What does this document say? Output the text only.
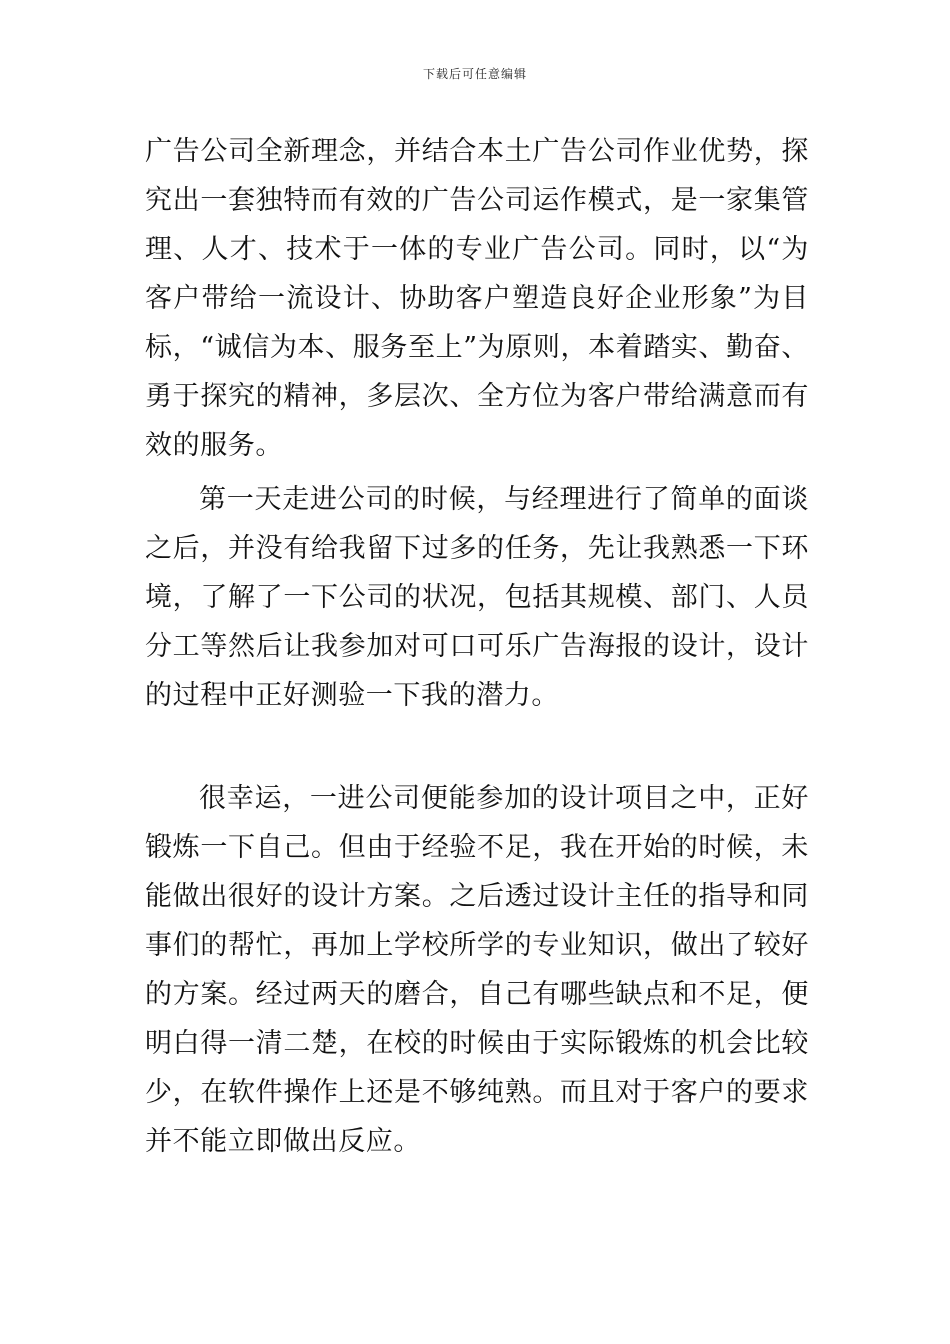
下载后可任意编辑

广告公司全新理念，并结合本土广告公司作业优势，探究出一套独特而有效的广告公司运作模式，是一家集管理、人才、技术于一体的专业广告公司。同时，以“为客户带给一流设计、协助客户塑造良好企业形象”为目标，“诚信为本、服务至上”为原则，本着踏实、勤奋、勇于探究的精神，多层次、全方位为客户带给满意而有效的服务。

第一天走进公司的时候，与经理进行了简单的面谈之后，并没有给我留下过多的任务，先让我熟悉一下环境，了解了一下公司的状况，包括其规模、部门、人员分工等然后让我参加对可口可乐广告海报的设计，设计的过程中正好测验一下我的潜力。

很幸运，一进公司便能参加的设计项目之中，正好锻炼一下自己。但由于经验不足，我在开始的时候，未能做出很好的设计方案。之后透过设计主任的指导和同事们的帮忙，再加上学校所学的专业知识，做出了较好的方案。经过两天的磨合，自己有哪些缺点和不足，便明白得一清二楚，在校的时候由于实际锻炼的机会比较少，在软件操作上还是不够纯熟。而且对于客户的要求并不能立即做出反应。
